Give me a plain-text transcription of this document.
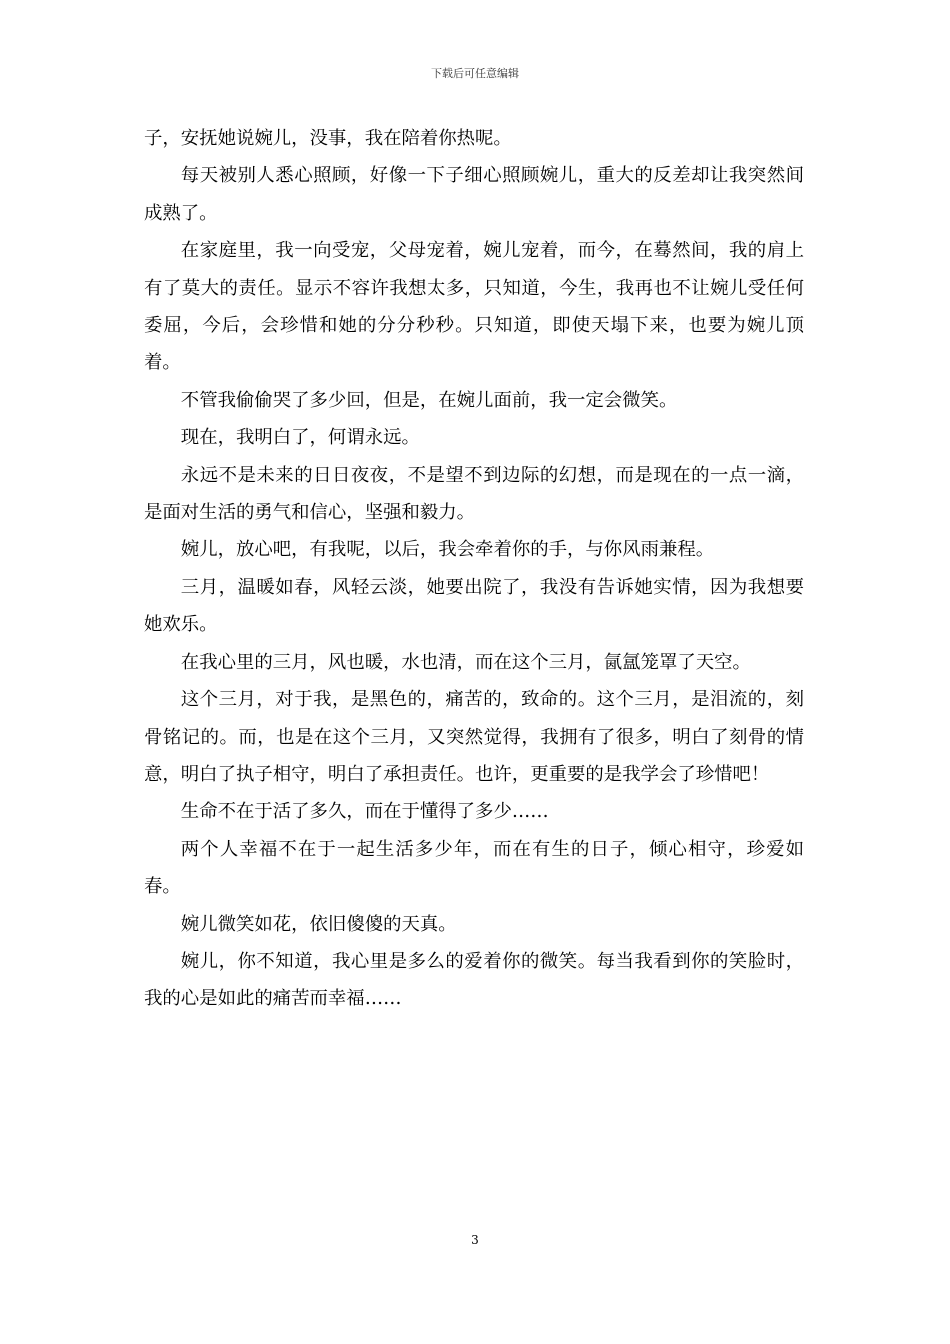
下载后可任意编辑

子，安抚她说婉儿，没事，我在陪着你热呢。

每天被别人悉心照顾，好像一下子细心照顾婉儿，重大的反差却让我突然间成熟了。

在家庭里，我一向受宠，父母宠着，婉儿宠着，而今，在蓦然间，我的肩上有了莫大的责任。显示不容许我想太多，只知道，今生，我再也不让婉儿受任何委屈，今后，会珍惜和她的分分秒秒。只知道，即使天塌下来，也要为婉儿顶着。

不管我偷偷哭了多少回，但是，在婉儿面前，我一定会微笑。

现在，我明白了，何谓永远。

永远不是未来的日日夜夜，不是望不到边际的幻想，而是现在的一点一滴，是面对生活的勇气和信心，坚强和毅力。

婉儿，放心吧，有我呢，以后，我会牵着你的手，与你风雨兼程。

三月，温暖如春，风轻云淡，她要出院了，我没有告诉她实情，因为我想要她欢乐。

在我心里的三月，风也暖，水也清，而在这个三月，氤氲笼罩了天空。

这个三月，对于我，是黑色的，痛苦的，致命的。这个三月，是泪流的，刻骨铭记的。而，也是在这个三月，又突然觉得，我拥有了很多，明白了刻骨的情意，明白了执子相守，明白了承担责任。也许，更重要的是我学会了珍惜吧！

生命不在于活了多久，而在于懂得了多少……

两个人幸福不在于一起生活多少年，而在有生的日子，倾心相守，珍爱如春。

婉儿微笑如花，依旧傻傻的天真。

婉儿，你不知道，我心里是多么的爱着你的微笑。每当我看到你的笑脸时，我的心是如此的痛苦而幸福……

3
